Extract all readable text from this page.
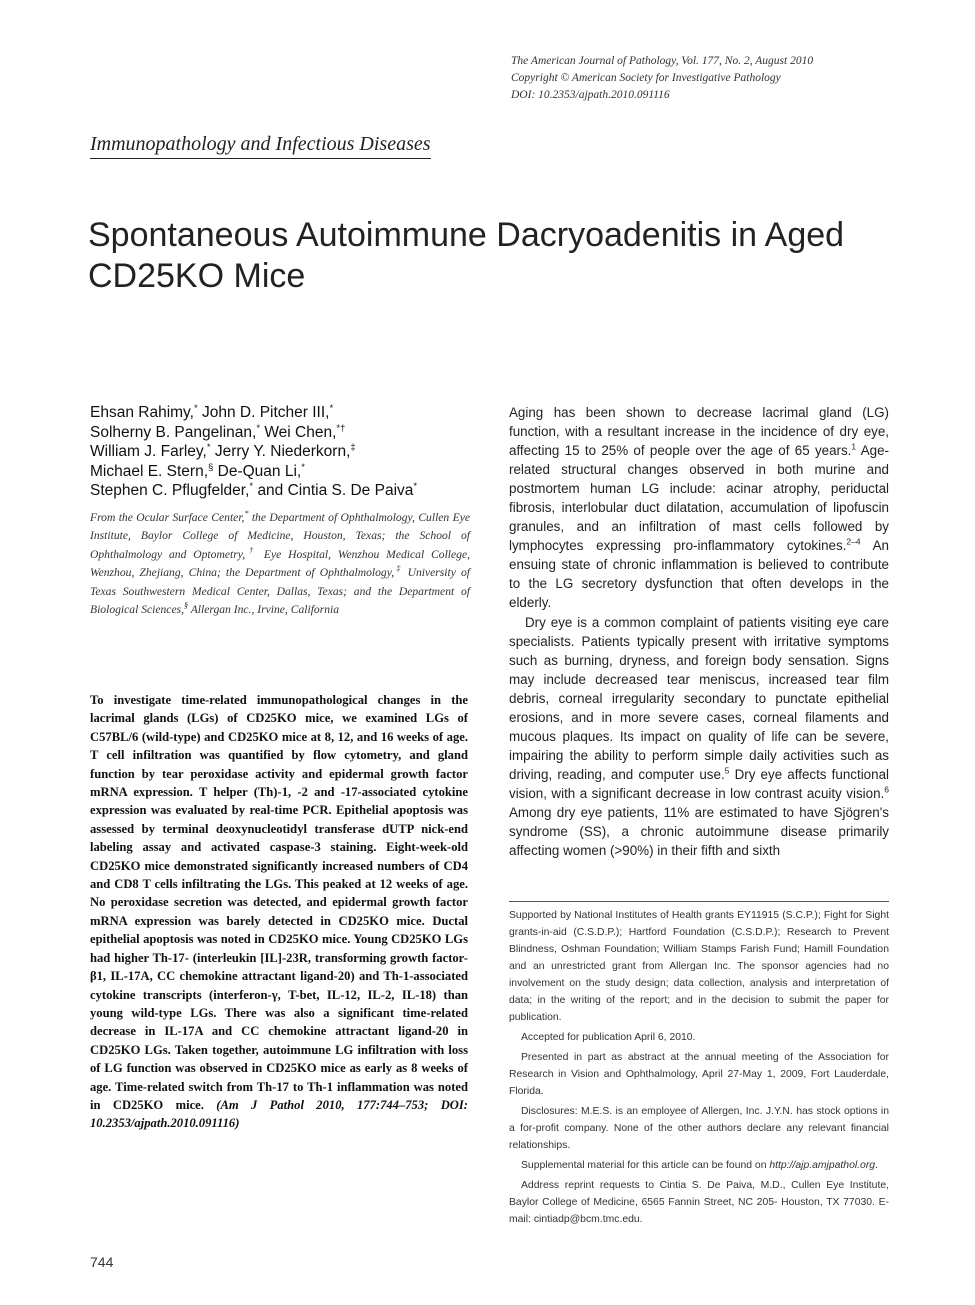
The American Journal of Pathology, Vol. 177, No. 2, August 2010
Copyright © American Society for Investigative Pathology
DOI: 10.2353/ajpath.2010.091116
Immunopathology and Infectious Diseases
Spontaneous Autoimmune Dacryoadenitis in Aged CD25KO Mice
Ehsan Rahimy,* John D. Pitcher III,*
Solherny B. Pangelinan,* Wei Chen,*†
William J. Farley,* Jerry Y. Niederkorn,‡
Michael E. Stern,§ De-Quan Li,*
Stephen C. Pflugfelder,* and Cintia S. De Paiva*
From the Ocular Surface Center,* the Department of Ophthalmology, Cullen Eye Institute, Baylor College of Medicine, Houston, Texas; the School of Ophthalmology and Optometry,† Eye Hospital, Wenzhou Medical College, Wenzhou, Zhejiang, China; the Department of Ophthalmology,‡ University of Texas Southwestern Medical Center, Dallas, Texas; and the Department of Biological Sciences,§ Allergan Inc., Irvine, California
To investigate time-related immunopathological changes in the lacrimal glands (LGs) of CD25KO mice, we examined LGs of C57BL/6 (wild-type) and CD25KO mice at 8, 12, and 16 weeks of age. T cell infiltration was quantified by flow cytometry, and gland function by tear peroxidase activity and epidermal growth factor mRNA expression. T helper (Th)-1, -2 and -17-associated cytokine expression was evaluated by real-time PCR. Epithelial apoptosis was assessed by terminal deoxynucleotidyl transferase dUTP nick-end labeling assay and activated caspase-3 staining. Eight-week-old CD25KO mice demonstrated significantly increased numbers of CD4 and CD8 T cells infiltrating the LGs. This peaked at 12 weeks of age. No peroxidase secretion was detected, and epidermal growth factor mRNA expression was barely detected in CD25KO mice. Ductal epithelial apoptosis was noted in CD25KO mice. Young CD25KO LGs had higher Th-17- (interleukin [IL]-23R, transforming growth factor-β1, IL-17A, CC chemokine attractant ligand-20) and Th-1-associated cytokine transcripts (interferon-γ, T-bet, IL-12, IL-2, IL-18) than young wild-type LGs. There was also a significant time-related decrease in IL-17A and CC chemokine attractant ligand-20 in CD25KO LGs. Taken together, autoimmune LG infiltration with loss of LG function was observed in CD25KO mice as early as 8 weeks of age. Time-related switch from Th-17 to Th-1 inflammation was noted in CD25KO mice. (Am J Pathol 2010, 177:744–753; DOI: 10.2353/ajpath.2010.091116)

Aging has been shown to decrease lacrimal gland (LG) function, with a resultant increase in the incidence of dry eye, affecting 15 to 25% of people over the age of 65 years.$^1$ Age-related structural changes observed in both murine and postmortem human LG include: acinar atrophy, periductal fibrosis, interlobular duct dilatation, accumulation of lipofuscin granules, and an infiltration of mast cells followed by lymphocytes expressing pro-inflammatory cytokines.$^{2-4}$ An ensuing state of chronic inflammation is believed to contribute to the LG secretory dysfunction that often develops in the elderly.

Dry eye is a common complaint of patients visiting eye care specialists. Patients typically present with irritative symptoms such as burning, dryness, and foreign body sensation. Signs may include decreased tear meniscus, increased tear film debris, corneal irregularity secondary to punctate epithelial erosions, and in more severe cases, corneal filaments and mucous plaques. Its impact on quality of life can be severe, impairing the ability to perform simple daily activities such as driving, reading, and computer use.$^5$ Dry eye affects functional vision, with a significant decrease in low contrast acuity vision.$^6$ Among dry eye patients, 11% are estimated to have Sjögren's syndrome (SS), a chronic autoimmune disease primarily affecting women (>90%) in their fifth and sixth

Supported by National Institutes of Health grants EY11915 (S.C.P.); Fight for Sight grants-in-aid (C.S.D.P.); Hartford Foundation (C.S.D.P.); Research to Prevent Blindness, Oshman Foundation; William Stamps Farish Fund; Hamill Foundation and an unrestricted grant from Allergan Inc. The sponsor agencies had no involvement on the study design; data collection, analysis and interpretation of data; in the writing of the report; and in the decision to submit the paper for publication.

Accepted for publication April 6, 2010.

Presented in part as abstract at the annual meeting of the Association for Research in Vision and Ophthalmology, April 27-May 1, 2009, Fort Lauderdale, Florida.

Disclosures: M.E.S. is an employee of Allergen, Inc. J.Y.N. has stock options in a for-profit company. None of the other authors declare any relevant financial relationships.

Supplemental material for this article can be found on http://ajp.amjpathol.org.

Address reprint requests to Cintia S. De Paiva, M.D., Cullen Eye Institute, Baylor College of Medicine, 6565 Fannin Street, NC 205- Houston, TX 77030. E-mail: cintiadp@bcm.tmc.edu.

744
